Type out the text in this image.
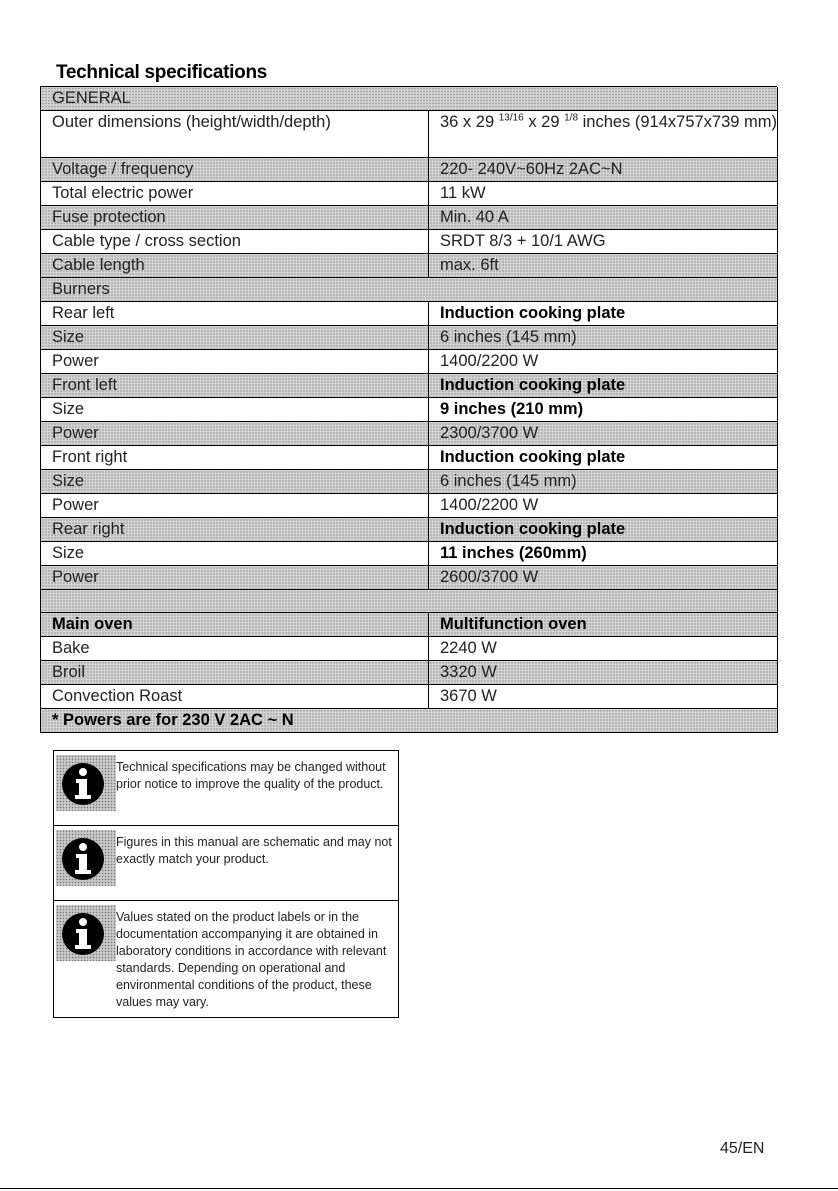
Technical specifications
GENERAL	
Outer dimensions (height/width/depth)	36 x 29 $^{13/16}$ x 29 $^{1/8}$ inches (914x757x739 mm)
Voltage / frequency	220- 240V~60Hz 2AC~N
Total electric power	11 kW
Fuse protection	Min. 40 A
Cable type / cross section	SRDT 8/3 + 10/1 AWG
Cable length	max. 6ft
Burners	
Rear left	Induction cooking plate
Size	6 inches (145 mm)
Power	1400/2200 W
Front left	Induction cooking plate
Size	9 inches (210 mm)
Power	2300/3700 W
Front right	Induction cooking plate
Size	6 inches (145 mm)
Power	1400/2200 W
Rear right	Induction cooking plate
Size	11 inches (260mm)
Power	2600/3700 W

Main oven	Multifunction oven
Bake	2240 W
Broil	3320 W
Convection Roast	3670 W
* Powers are for 230 V 2AC ~ N	
Technical specifications may be changed without prior notice to improve the quality of the product.
Figures in this manual are schematic and may not exactly match your product.
Values stated on the product labels or in the documentation accompanying it are obtained in laboratory conditions in accordance with relevant standards. Depending on operational and environmental conditions of the product, these values may vary.
45/EN
